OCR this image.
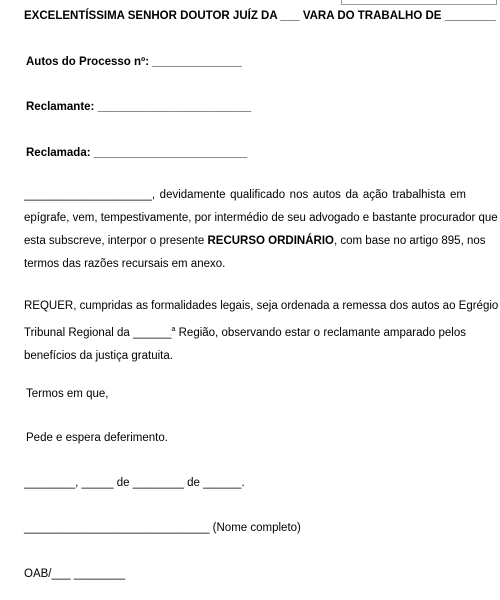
EXCELENTÍSSIMA SENHOR DOUTOR JUÍZ DA ___ VARA DO TRABALHO DE ________
Autos do Processo nº: ______________
Reclamante: ________________________
Reclamada: ________________________
____________________, devidamente qualificado nos autos da ação trabalhista em
epígrafe, vem, tempestivamente, por intermédio de seu advogado e bastante procurador que
esta subscreve, interpor o presente RECURSO ORDINÁRIO, com base no artigo 895, nos
termos das razões recursais em anexo.
REQUER, cumpridas as formalidades legais, seja ordenada a remessa dos autos ao Egrégio
Tribunal Regional da ______$^a$ Região, observando estar o reclamante amparado pelos
benefícios da justiça gratuita.
Termos em que,
Pede e espera deferimento.
________, _____ de ________ de ______.
_____________________________ (Nome completo)
OAB/___ ________
